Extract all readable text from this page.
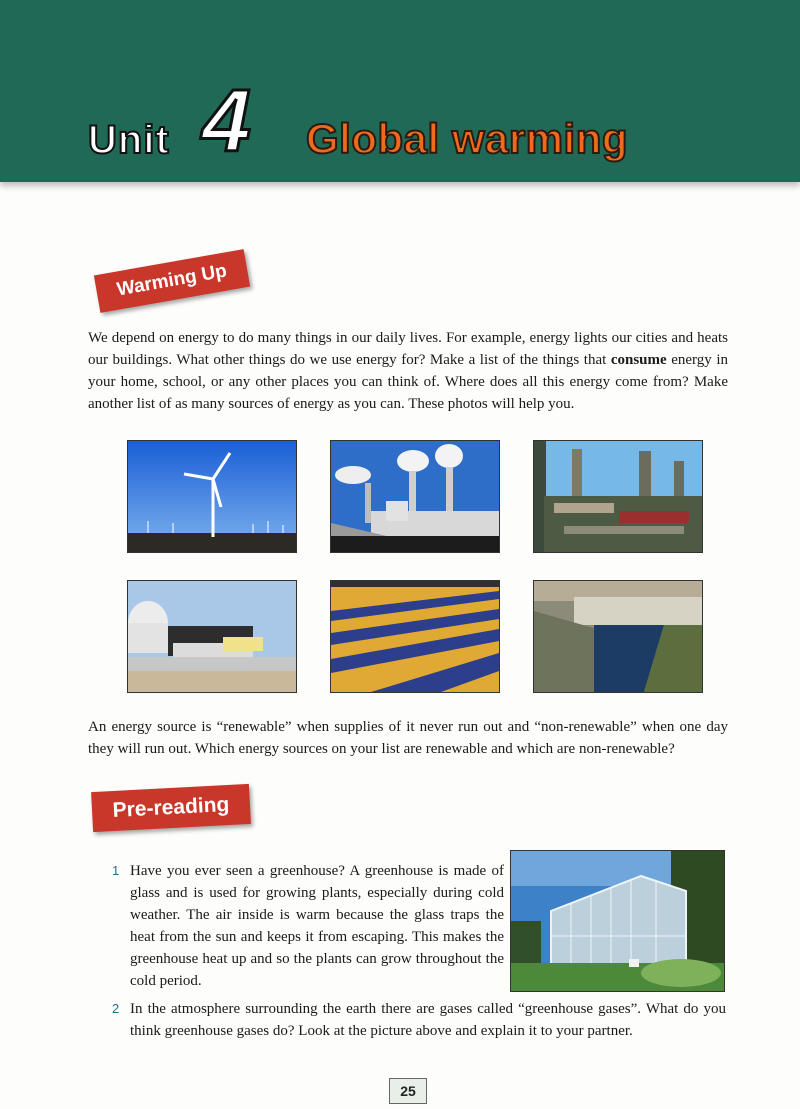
Unit 4 Global warming
Warming Up
We depend on energy to do many things in our daily lives. For example, energy lights our cities and heats our buildings. What other things do we use energy for? Make a list of the things that consume energy in your home, school, or any other places you can think of. Where does all this energy come from? Make another list of as many sources of energy as you can. These photos will help you.
An energy source is “renewable” when supplies of it never run out and “non-renewable” when one day they will run out. Which energy sources on your list are renewable and which are non-renewable?
Pre-reading
1 Have you ever seen a greenhouse? A greenhouse is made of glass and is used for growing plants, especially during cold weather. The air inside is warm because the glass traps the heat from the sun and keeps it from escaping. This makes the greenhouse heat up and so the plants can grow throughout the cold period.
2 In the atmosphere surrounding the earth there are gases called “greenhouse gases”. What do you think greenhouse gases do? Look at the picture above and explain it to your partner.
25
